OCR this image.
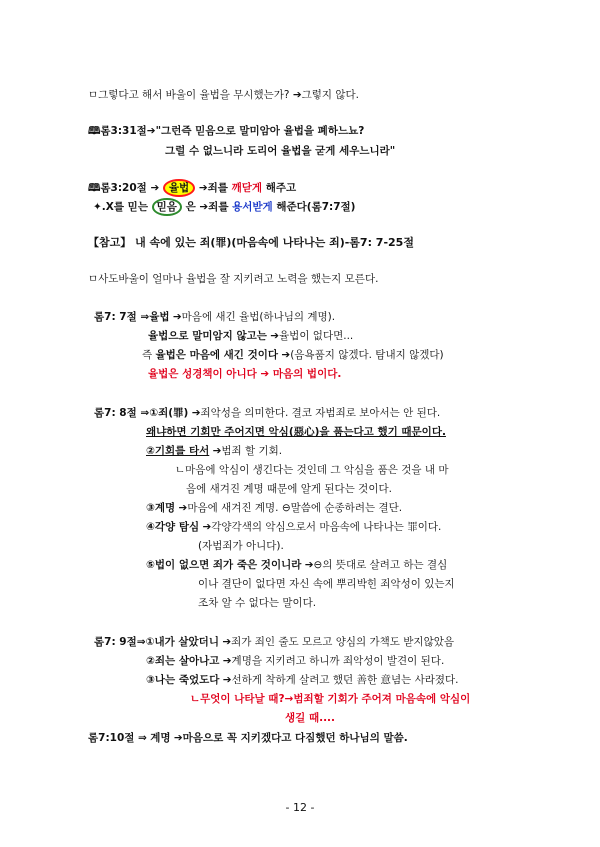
ㅁ그렇다고 해서 바울이 율법을 무시했는가? ➔그렇지 않다.
🕮롬3:31절➔"그런즉 믿음으로 말미암아 율법을 폐하느뇨?
그럴 수 없느니라 도리어 율법을 굳게 세우느니라"
🕮롬3:20절 ➔ 율법 ➔죄를 깨닫게 해주고
✦.X를 믿는 믿음 은 ➔죄를 용서받게 해준다(롬7:7절)
【참고】 내 속에 있는 죄(罪)(마음속에 나타나는 죄)-롬7: 7-25절
ㅁ사도바울이 얼마나 율법을 잘 지키려고 노력을 했는지 모른다.
롬7: 7절 ⇒율법 ➔마음에 새긴 율법(하나님의 계명).
율법으로 말미암지 않고는 ➔율법이 없다면...
즉 율법은 마음에 새긴 것이다 ➔(음욕품지 않겠다. 탐내지 않겠다)
율법은 성경책이 아니다 ➔ 마음의 법이다.
롬7: 8절 ⇒①죄(罪) ➔죄악성을 의미한다. 결코 자범죄로 보아서는 안 된다.
왜냐하면 기회만 주어지면 악심(惡心)을 품는다고 했기 때문이다.
②기회를 타서 ➔범죄 할 기회.
ㄴ마음에 악심이 생긴다는 것인데 그 악심을 품은 것을 내 마
음에 새겨진 계명 때문에 알게 된다는 것이다.
③계명 ➔마음에 새겨진 계명. ⊖말씀에 순종하려는 결단.
④각양 탐심 ➔각양각색의 악심으로서 마음속에 나타나는 罪이다.
(자범죄가 아니다).
⑤법이 없으면 죄가 죽은 것이니라 ➔⊖의 뜻대로 살려고 하는 결심
이나 결단이 없다면 자신 속에 뿌리박힌 죄악성이 있는지
조차 알 수 없다는 말이다.
롬7: 9절⇒①내가 살았더니 ➔죄가 죄인 줄도 모르고 양심의 가책도 받지않았음
②죄는 살아나고 ➔계명을 지키려고 하니까 죄악성이 발견이 된다.
③나는 죽었도다 ➔선하게 착하게 살려고 했던 善한 意념는 사라졌다.
ㄴ무엇이 나타날 때?→범죄할 기회가 주어져 마음속에 악심이
생길 때....
롬7:10절 ⇒ 계명 ➔마음으로 꼭 지키겠다고 다짐했던 하나님의 말씀.
- 12 -
